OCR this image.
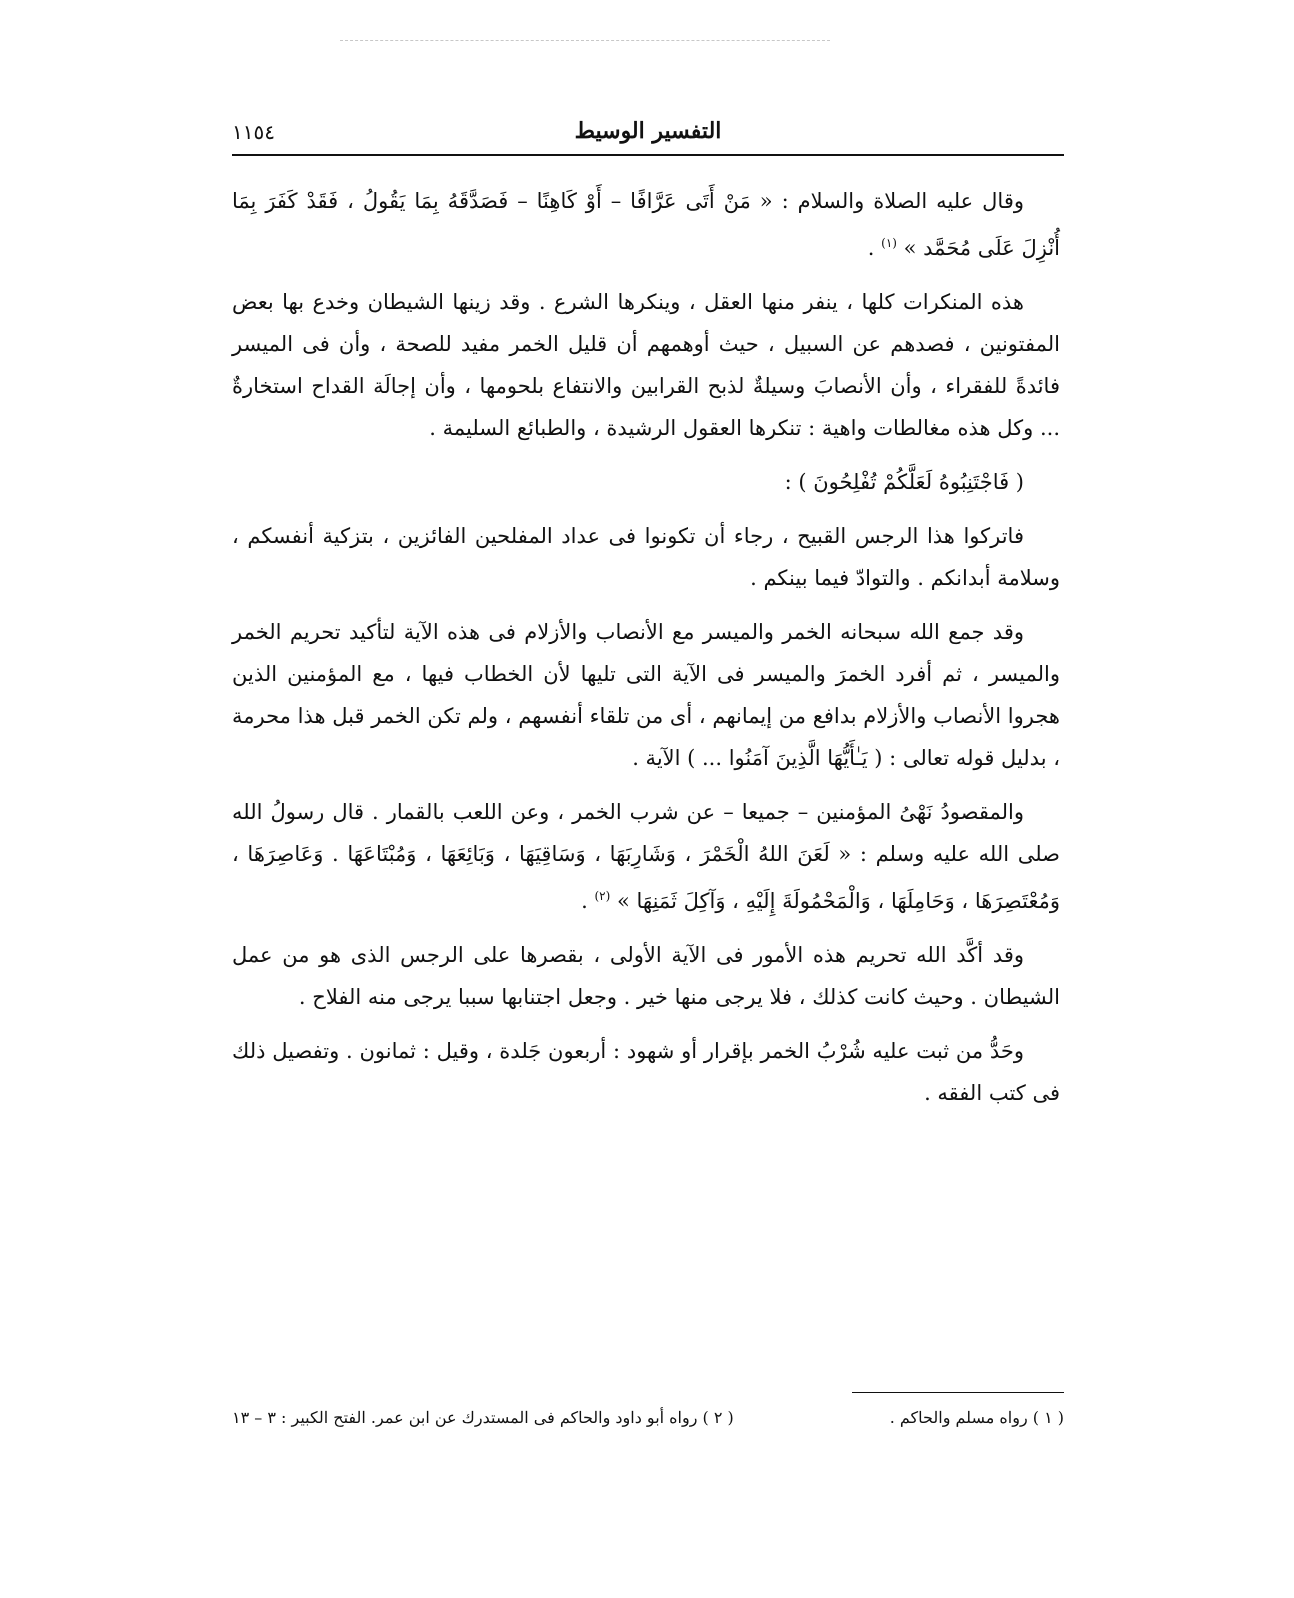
التفسير الوسيط
١١٥٤

وقال عليه الصلاة والسلام : « مَنْ أَتَى عَرَّافًا – أَوْ كَاهِنًا – فَصَدَّقَهُ بِمَا يَقُولُ ، فَقَدْ كَفَرَ بِمَا أُنْزِلَ عَلَى مُحَمَّد » $^{(١)}$ .

هذه المنكرات كلها ، ينفر منها العقل ، وينكرها الشرع . وقد زينها الشيطان وخدع بها بعض المفتونين ، فصدهم عن السبيل ، حيث أوهمهم أن قليل الخمر مفيد للصحة ، وأن فى الميسر فائدةً للفقراء ، وأن الأنصابَ وسيلةٌ لذبح القرابين والانتفاع بلحومها ، وأن إجالَة القداح استخارةٌ ... وكل هذه مغالطات واهية : تنكرها العقول الرشيدة ، والطبائع السليمة .

( فَاجْتَنِبُوهُ لَعَلَّكُمْ تُفْلِحُونَ ) :

فاتركوا هذا الرجس القبيح ، رجاء أن تكونوا فى عداد المفلحين الفائزين ، بتزكية أنفسكم ، وسلامة أبدانكم . والتوادّ فيما بينكم .

وقد جمع الله سبحانه الخمر والميسر مع الأنصاب والأزلام فى هذه الآية لتأكيد تحريم الخمر والميسر ، ثم أفرد الخمرَ والميسر فى الآية التى تليها لأن الخطاب فيها ، مع المؤمنين الذين هجروا الأنصاب والأزلام بدافع من إيمانهم ، أى من تلقاء أنفسهم ، ولم تكن الخمر قبل هذا محرمة ، بدليل قوله تعالى : ( يَـٰأَيُّهَا الَّذِينَ آمَنُوا ... ) الآية .

والمقصودُ نَهْىُ المؤمنين – جميعا – عن شرب الخمر ، وعن اللعب بالقمار . قال رسولُ الله صلى الله عليه وسلم : « لَعَنَ اللهُ الْخَمْرَ ، وَشَارِبَهَا ، وَسَاقِيَهَا ، وَبَائِعَهَا ، وَمُبْتَاعَهَا . وَعَاصِرَهَا ، وَمُعْتَصِرَهَا ، وَحَامِلَهَا ، وَالْمَحْمُولَةَ إِلَيْهِ ، وَآكِلَ ثَمَنِهَا » $^{(٢)}$ .

وقد أكَّد الله تحريم هذه الأمور فى الآية الأولى ، بقصرها على الرجس الذى هو من عمل الشيطان . وحيث كانت كذلك ، فلا يرجى منها خير . وجعل اجتنابها سببا يرجى منه الفلاح .

وحَدُّ من ثبت عليه شُرْبُ الخمر بإقرار أو شهود : أربعون جَلدة ، وقيل : ثمانون . وتفصيل ذلك فى كتب الفقه .

( ١ ) رواه مسلم والحاكم .
( ٢ ) رواه أبو داود والحاكم فى المستدرك عن ابن عمر. الفتح الكبير : ٣ – ١٣
